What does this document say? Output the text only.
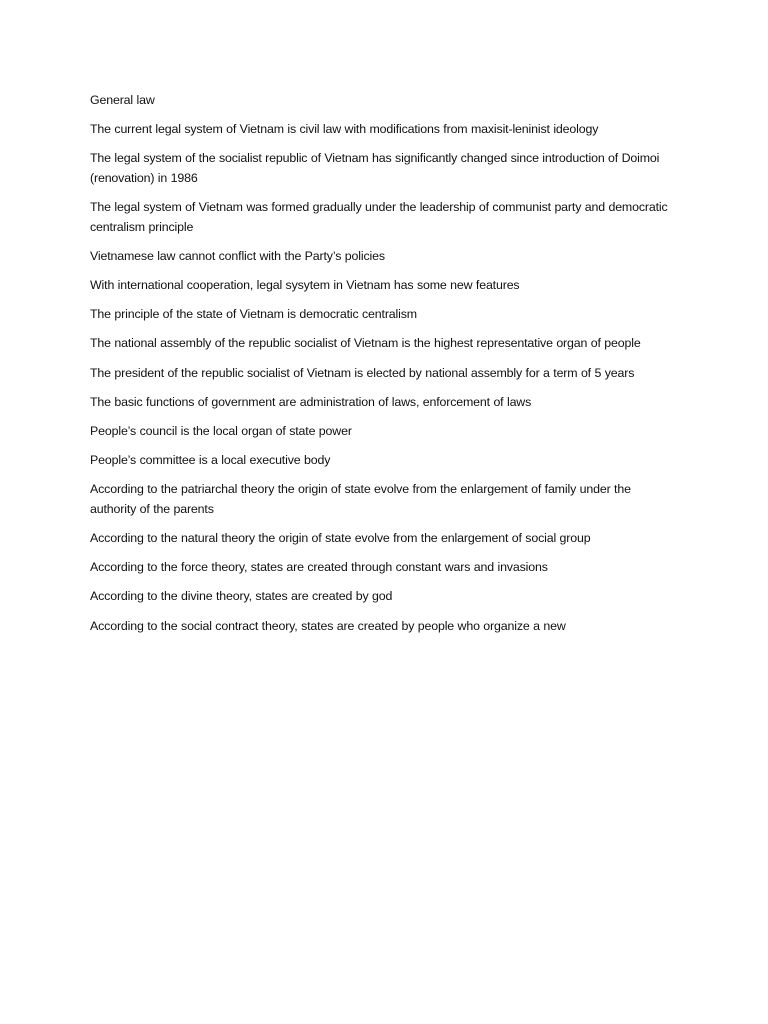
General law

The current legal system of Vietnam is civil law with modifications from maxisit-leninist ideology

The legal system of the socialist republic of Vietnam has significantly changed since introduction of Doimoi (renovation) in 1986

The legal system of Vietnam was formed gradually under the leadership of communist party and democratic centralism principle

Vietnamese law cannot conflict with the Party’s policies

With international cooperation, legal sysytem in Vietnam has some new features

The principle of the state of Vietnam is democratic centralism

The national assembly of the republic socialist of Vietnam is the highest representative organ of people

The president of the republic socialist of Vietnam is elected by national assembly for a term of 5 years

The basic functions of government are administration of laws, enforcement of laws

People’s council is the local organ of state power

People’s committee is a local executive body

According to the patriarchal theory the origin of state evolve from the enlargement of family under the authority of the parents

According to the natural theory the origin of state evolve from the enlargement of social group

According to the force theory, states are created through constant wars and invasions

According to the divine theory, states are created by god

According to the social contract theory, states are created by people who organize a new
